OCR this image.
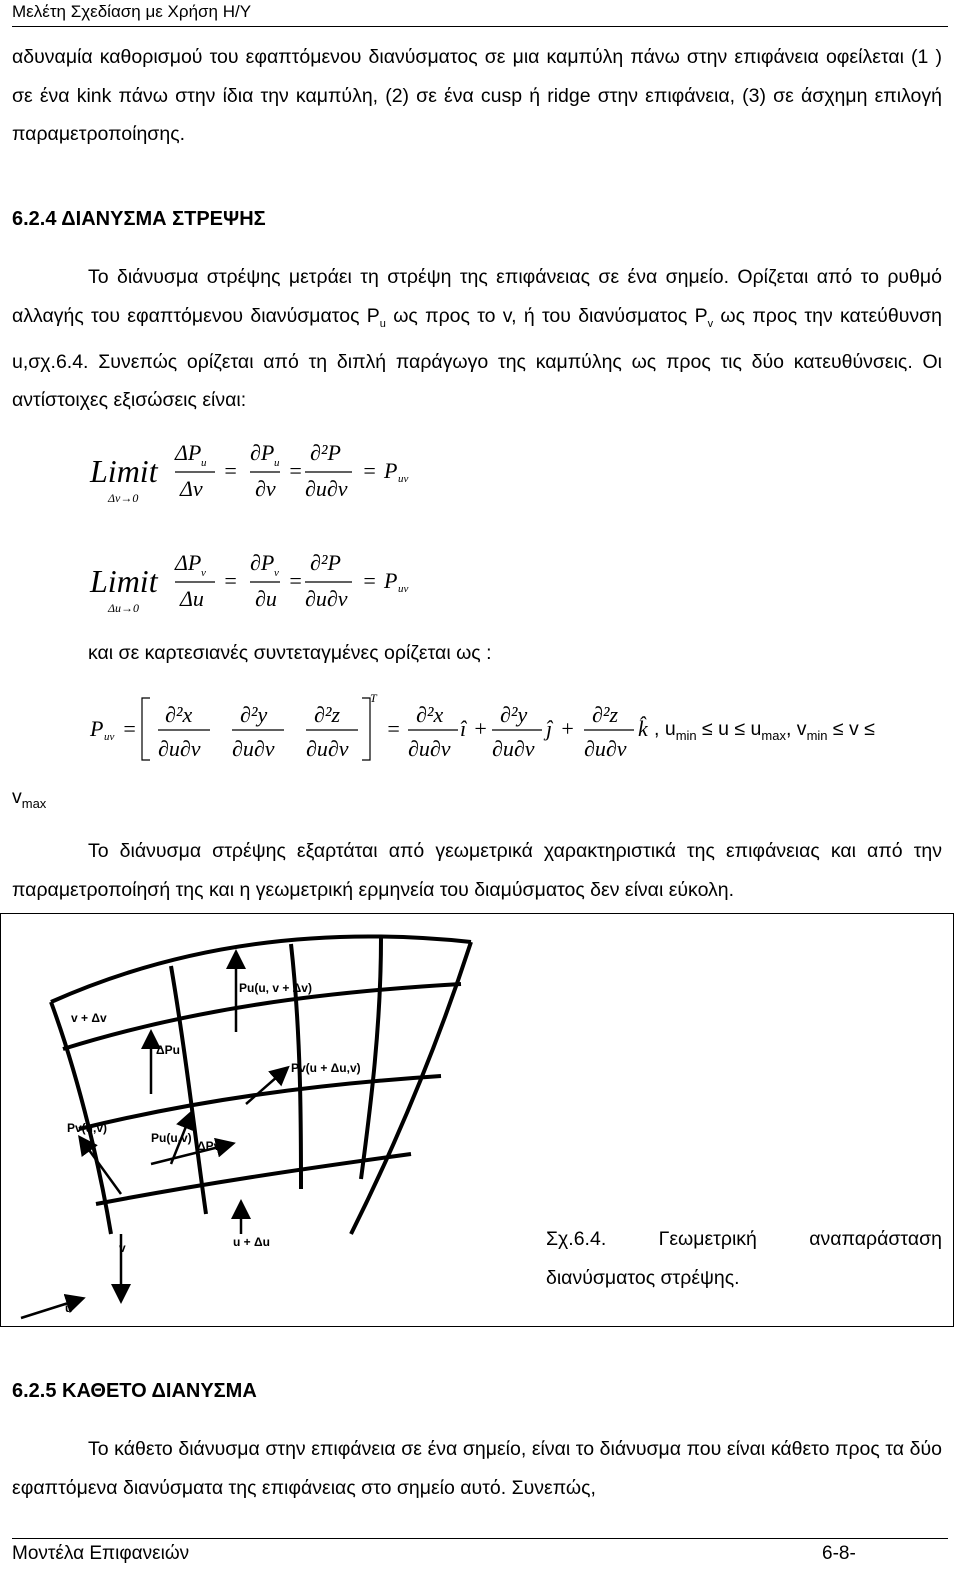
Μελέτη Σχεδίαση με Χρήση Η/Υ
αδυναμία καθορισμού του εφαπτόμενου διανύσματος σε μια καμπύλη πάνω στην επιφάνεια οφείλεται (1 ) σε ένα kink πάνω στην ίδια την καμπύλη, (2) σε ένα cusp ή ridge στην επιφάνεια, (3) σε άσχημη επιλογή παραμετροποίησης.
6.2.4 ΔΙΑΝΥΣΜΑ ΣΤΡΕΨΗΣ
Το διάνυσμα στρέψης μετράει τη στρέψη της επιφάνειας σε ένα σημείο. Ορίζεται από το ρυθμό αλλαγής του εφαπτόμενου διανύσματος $P_u$ ως προς το v, ή του διανύσματος $P_v$ ως προς την κατεύθυνση u,σχ.6.4. Συνεπώς ορίζεται από τη διπλή παράγωγο της καμπύλης ως προς τις δύο κατευθύνσεις. Οι αντίστοιχες εξισώσεις είναι:
Limit
Δv→0
ΔP u
Δv
=
∂P u
∂v
=
∂²P
∂u∂v
= P uv
Limit
Δu→0
ΔP v
Δu
=
∂P v
∂u
=
∂²P
∂u∂v
= P uv
και σε καρτεσιανές συντεταγμένες ορίζεται ως :
P uv =
∂²x
∂u∂v
∂²y
∂u∂v
∂²z
∂u∂v
T
=
∂²x
∂u∂v
î +
∂²y
∂u∂v
ĵ +
∂²z
∂u∂v
k̂ , $u_{min} \le u \le u_{max}$, $v_{min} \le v$ ≤
$v_{max}$
Το διάνυσμα στρέψης εξαρτάται από γεωμετρικά χαρακτηριστικά της επιφάνειας και από την παραμετροποίησή της και η γεωμετρική ερμηνεία του διαμύσματος δεν είναι εύκολη.
Pu(u, v + Δv)
v + Δv
ΔPu
Pv(u + Δu,v)
Pv(u,v)
Pu(u,v)
ΔPv
v	u + Δu
u
Σχ.6.4. Γεωμετρική αναπαράσταση διανύσματος στρέψης.
6.2.5 ΚΑΘΕΤΟ ΔΙΑΝΥΣΜΑ
Το κάθετο διάνυσμα στην επιφάνεια σε ένα σημείο, είναι το διάνυσμα που είναι κάθετο προς τα δύο εφαπτόμενα διανύσματα της επιφάνειας στο σημείο αυτό. Συνεπώς,
Μοντέλα Επιφανειών	6-8-
